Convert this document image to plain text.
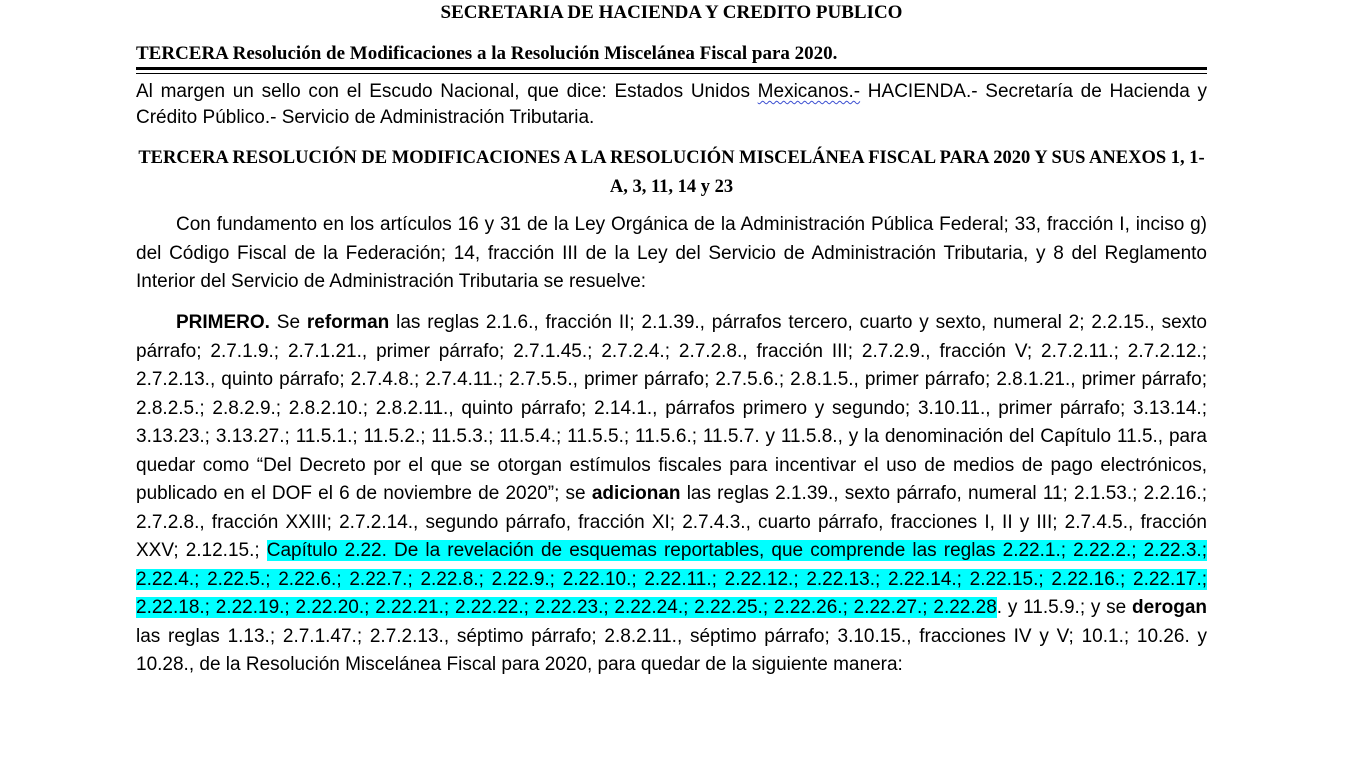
SECRETARIA DE HACIENDA Y CREDITO PUBLICO
TERCERA Resolución de Modificaciones a la Resolución Miscelánea Fiscal para 2020.
Al margen un sello con el Escudo Nacional, que dice: Estados Unidos Mexicanos.- HACIENDA.- Secretaría de Hacienda y Crédito Público.- Servicio de Administración Tributaria.
TERCERA RESOLUCIÓN DE MODIFICACIONES A LA RESOLUCIÓN MISCELÁNEA FISCAL PARA 2020 Y SUS ANEXOS 1, 1-A, 3, 11, 14 y 23

Con fundamento en los artículos 16 y 31 de la Ley Orgánica de la Administración Pública Federal; 33, fracción I, inciso g) del Código Fiscal de la Federación; 14, fracción III de la Ley del Servicio de Administración Tributaria, y 8 del Reglamento Interior del Servicio de Administración Tributaria se resuelve:

PRIMERO. Se reforman las reglas 2.1.6., fracción II; 2.1.39., párrafos tercero, cuarto y sexto, numeral 2; 2.2.15., sexto párrafo; 2.7.1.9.; 2.7.1.21., primer párrafo; 2.7.1.45.; 2.7.2.4.; 2.7.2.8., fracción III; 2.7.2.9., fracción V; 2.7.2.11.; 2.7.2.12.; 2.7.2.13., quinto párrafo; 2.7.4.8.; 2.7.4.11.; 2.7.5.5., primer párrafo; 2.7.5.6.; 2.8.1.5., primer párrafo; 2.8.1.21., primer párrafo; 2.8.2.5.; 2.8.2.9.; 2.8.2.10.; 2.8.2.11., quinto párrafo; 2.14.1., párrafos primero y segundo; 3.10.11., primer párrafo; 3.13.14.; 3.13.23.; 3.13.27.; 11.5.1.; 11.5.2.; 11.5.3.; 11.5.4.; 11.5.5.; 11.5.6.; 11.5.7. y 11.5.8., y la denominación del Capítulo 11.5., para quedar como “Del Decreto por el que se otorgan estímulos fiscales para incentivar el uso de medios de pago electrónicos, publicado en el DOF el 6 de noviembre de 2020”; se adicionan las reglas 2.1.39., sexto párrafo, numeral 11; 2.1.53.; 2.2.16.; 2.7.2.8., fracción XXIII; 2.7.2.14., segundo párrafo, fracción XI; 2.7.4.3., cuarto párrafo, fracciones I, II y III; 2.7.4.5., fracción XXV; 2.12.15.; Capítulo 2.22. De la revelación de esquemas reportables, que comprende las reglas 2.22.1.; 2.22.2.; 2.22.3.; 2.22.4.; 2.22.5.; 2.22.6.; 2.22.7.; 2.22.8.; 2.22.9.; 2.22.10.; 2.22.11.; 2.22.12.; 2.22.13.; 2.22.14.; 2.22.15.; 2.22.16.; 2.22.17.; 2.22.18.; 2.22.19.; 2.22.20.; 2.22.21.; 2.22.22.; 2.22.23.; 2.22.24.; 2.22.25.; 2.22.26.; 2.22.27.; 2.22.28. y 11.5.9.; y se derogan las reglas 1.13.; 2.7.1.47.; 2.7.2.13., séptimo párrafo; 2.8.2.11., séptimo párrafo; 3.10.15., fracciones IV y V; 10.1.; 10.26. y 10.28., de la Resolución Miscelánea Fiscal para 2020, para quedar de la siguiente manera:
